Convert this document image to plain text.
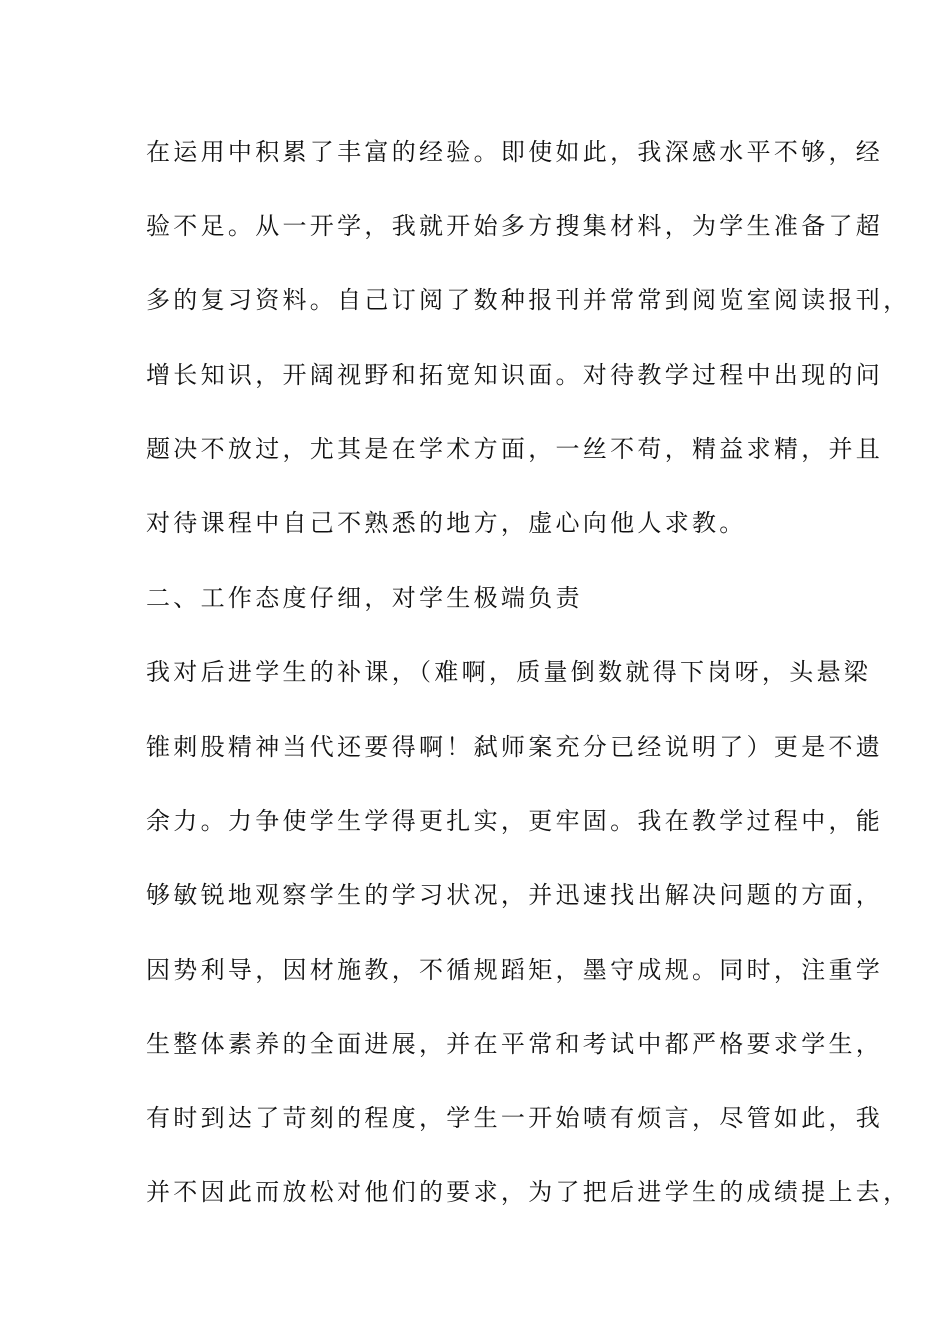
在运用中积累了丰富的经验。即使如此，我深感水平不够，经
验不足。从一开学，我就开始多方搜集材料，为学生准备了超
多的复习资料。自己订阅了数种报刊并常常到阅览室阅读报刊，
增长知识，开阔视野和拓宽知识面。对待教学过程中出现的问
题决不放过，尤其是在学术方面，一丝不苟，精益求精，并且
对待课程中自己不熟悉的地方，虚心向他人求教。
二、工作态度仔细，对学生极端负责
我对后进学生的补课，（难啊，质量倒数就得下岗呀，头悬梁
锥刺股精神当代还要得啊！弑师案充分已经说明了）更是不遗
余力。力争使学生学得更扎实，更牢固。我在教学过程中，能
够敏锐地观察学生的学习状况，并迅速找出解决问题的方面，
因势利导，因材施教，不循规蹈矩，墨守成规。同时，注重学
生整体素养的全面进展，并在平常和考试中都严格要求学生，
有时到达了苛刻的程度，学生一开始啧有烦言，尽管如此，我
并不因此而放松对他们的要求，为了把后进学生的成绩提上去，
